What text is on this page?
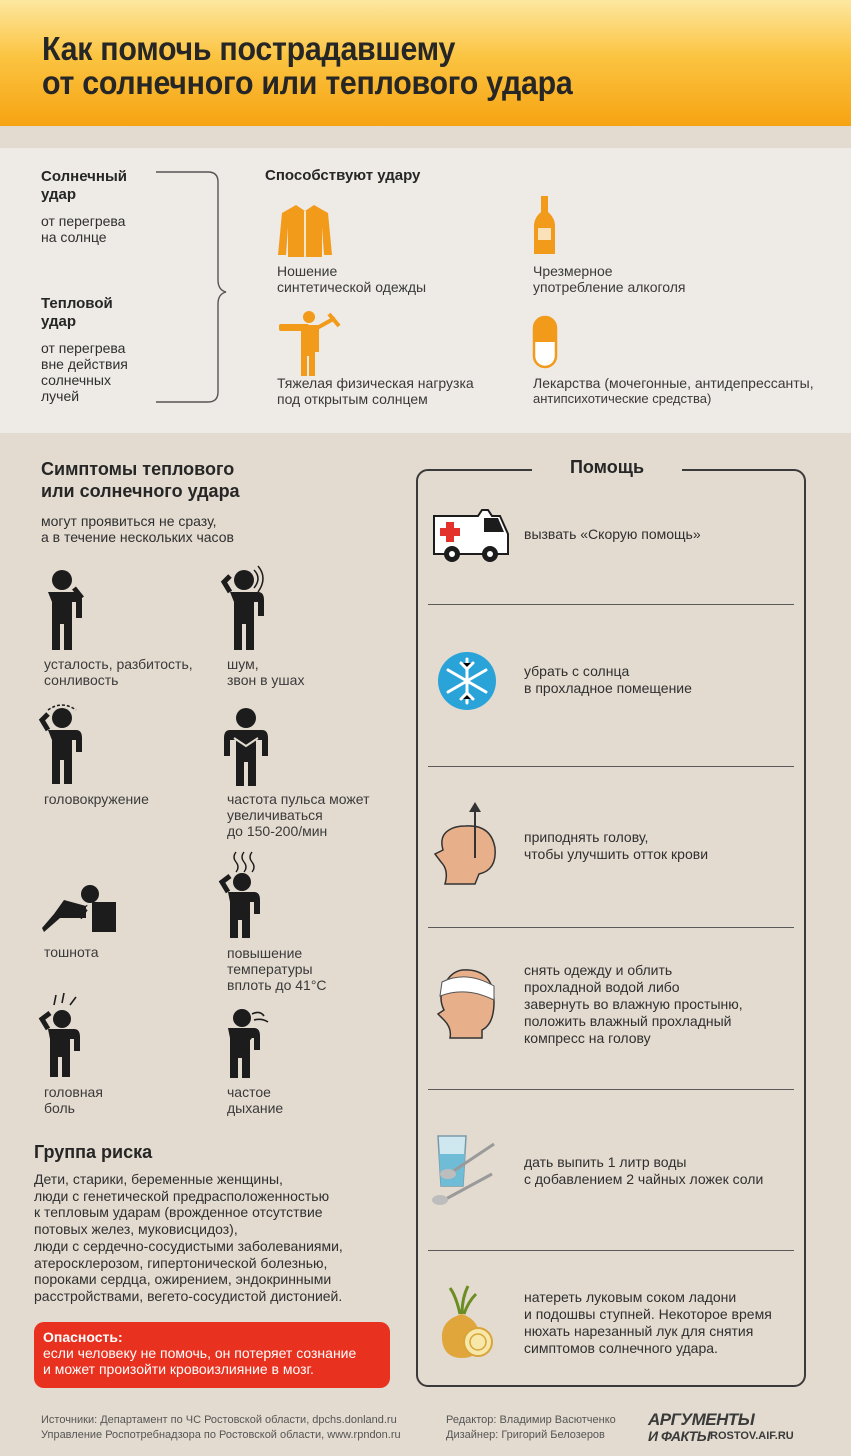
Как помочь пострадавшему
от солнечного или теплового удара
Солнечный
удар
от перегрева
на солнце
Тепловой
удар
от перегрева
вне действия
солнечных
лучей
Способствуют удару
Ношение
синтетической одежды
Чрезмерное
употребление алкоголя
Тяжелая физическая нагрузка
под открытым солнцем
Лекарства (мочегонные, антидепрессанты,
антипсихотические средства)
Симптомы теплового
или солнечного удара
могут проявиться не сразу,
а в течение нескольких часов
усталость, разбитость,
сонливость
шум,
звон в ушах
головокружение	частота пульса может
увеличиваться
до 150-200/мин
тошнота	повышение
температуры
вплоть до 41°C
головная
боль
частое
дыхание
Группа риска
Дети, старики, беременные женщины,
люди с генетической предрасположенностью
к тепловым ударам (врожденное отсутствие
потовых желез, муковисцидоз),
люди с сердечно-сосудистыми заболеваниями,
атеросклерозом, гипертонической болезнью,
пороками сердца, ожирением, эндокринными
расстройствами, вегето-сосудистой дистонией.
Опасность:
если человеку не помочь, он потеряет сознание
и может произойти кровоизлияние в мозг.
Помощь
вызвать «Скорую помощь»
убрать с солнца
в прохладное помещение
приподнять голову,
чтобы улучшить отток крови
снять одежду и облить
прохладной водой либо
завернуть во влажную простыню,
положить влажный прохладный
компресс на голову
дать выпить 1 литр воды
с добавлением 2 чайных ложек соли
натереть луковым соком ладони
и подошвы ступней. Некоторое время
нюхать нарезанный лук для снятия
симптомов солнечного удара.
Источники: Департамент по ЧС Ростовской области, dpchs.donland.ru
Управление Роспотребнадзора по Ростовской области, www.rpndon.ru
Редактор: Владимир Васютченко
Дизайнер: Григорий Белозеров
АРГУМЕНТЫ
И ФАКТЫ ROSTOV.AIF.RU
